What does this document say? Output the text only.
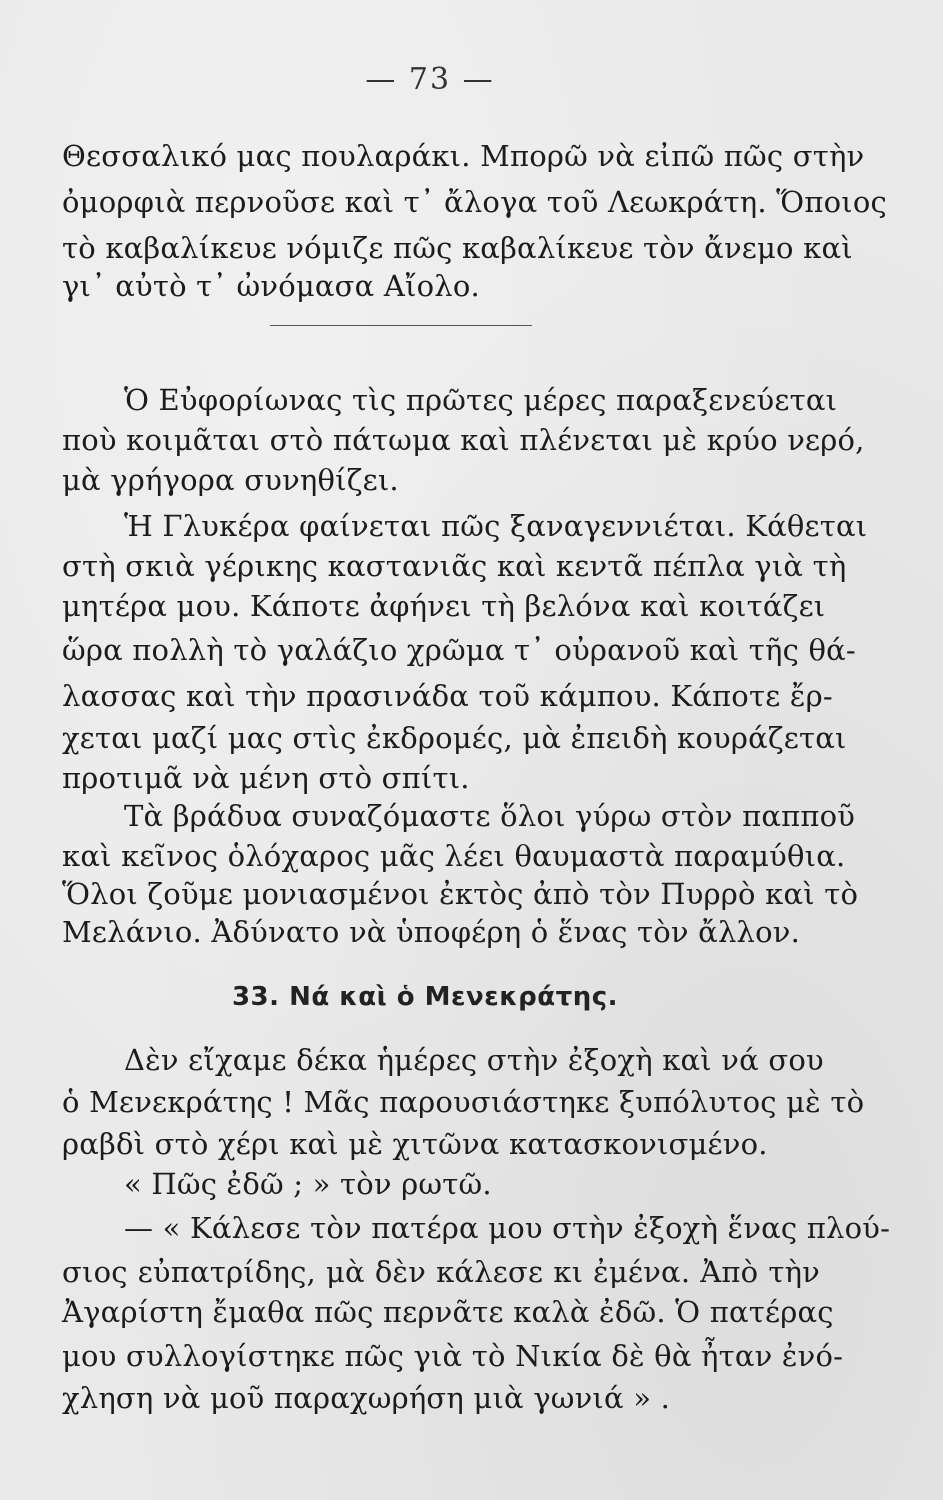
— 73 —
Θεσσαλικό μας πουλαράκι. Μπορῶ νὰ εἰπῶ πῶς στὴν
ὀμορφιὰ περνοῦσε καὶ τ᾿ ἄλογα τοῦ Λεωκράτη. Ὅποιος
τὸ καβαλίκευε νόμιζε πῶς καβαλίκευε τὸν ἄνεμο καὶ
γι᾿ αὐτὸ τ᾿ ὠνόμασα Αἴολο.
Ὁ Εὐφορίωνας τὶς πρῶτες μέρες παραξενεύεται
ποὺ κοιμᾶται στὸ πάτωμα καὶ πλένεται μὲ κρύο νερό,
μὰ γρήγορα συνηθίζει.
Ἡ Γλυκέρα φαίνεται πῶς ξαναγεννιέται. Κάθεται
στὴ σκιὰ γέρικης καστανιᾶς καὶ κεντᾶ πέπλα γιὰ τὴ
μητέρα μου. Κάποτε ἀφήνει τὴ βελόνα καὶ κοιτάζει
ὥρα πολλὴ τὸ γαλάζιο χρῶμα τ᾿ οὐρανοῦ καὶ τῆς θά-
λασσας καὶ τὴν πρασινάδα τοῦ κάμπου. Κάποτε ἔρ-
χεται μαζί μας στὶς ἐκδρομές, μὰ ἐπειδὴ κουράζεται
προτιμᾶ νὰ μένη στὸ σπίτι.
Τὰ βράδυα συναζόμαστε ὅλοι γύρω στὸν παπποῦ
καὶ κεῖνος ὁλόχαρος μᾶς λέει θαυμαστὰ παραμύθια.
Ὅλοι ζοῦμε μονιασμένοι ἐκτὸς ἀπὸ τὸν Πυρρὸ καὶ τὸ
Μελάνιο. Ἀδύνατο νὰ ὑποφέρη ὁ ἕνας τὸν ἄλλον.
33. Νά καὶ ὁ Μενεκράτης.
Δὲν εἴχαμε δέκα ἡμέρες στὴν ἐξοχὴ καὶ νά σου
ὁ Μενεκράτης ! Μᾶς παρουσιάστηκε ξυπόλυτος μὲ τὸ
ραβδὶ στὸ χέρι καὶ μὲ χιτῶνα κατασκονισμένο.
« Πῶς ἐδῶ ; » τὸν ρωτῶ.
— « Κάλεσε τὸν πατέρα μου στὴν ἐξοχὴ ἕνας πλού-
σιος εὐπατρίδης, μὰ δὲν κάλεσε κι ἐμένα. Ἀπὸ τὴν
Ἀγαρίστη ἔμαθα πῶς περνᾶτε καλὰ ἐδῶ. Ὁ πατέρας
μου συλλογίστηκε πῶς γιὰ τὸ Νικία δὲ θὰ ἦταν ἐνό-
χληση νὰ μοῦ παραχωρήση μιὰ γωνιά » .
